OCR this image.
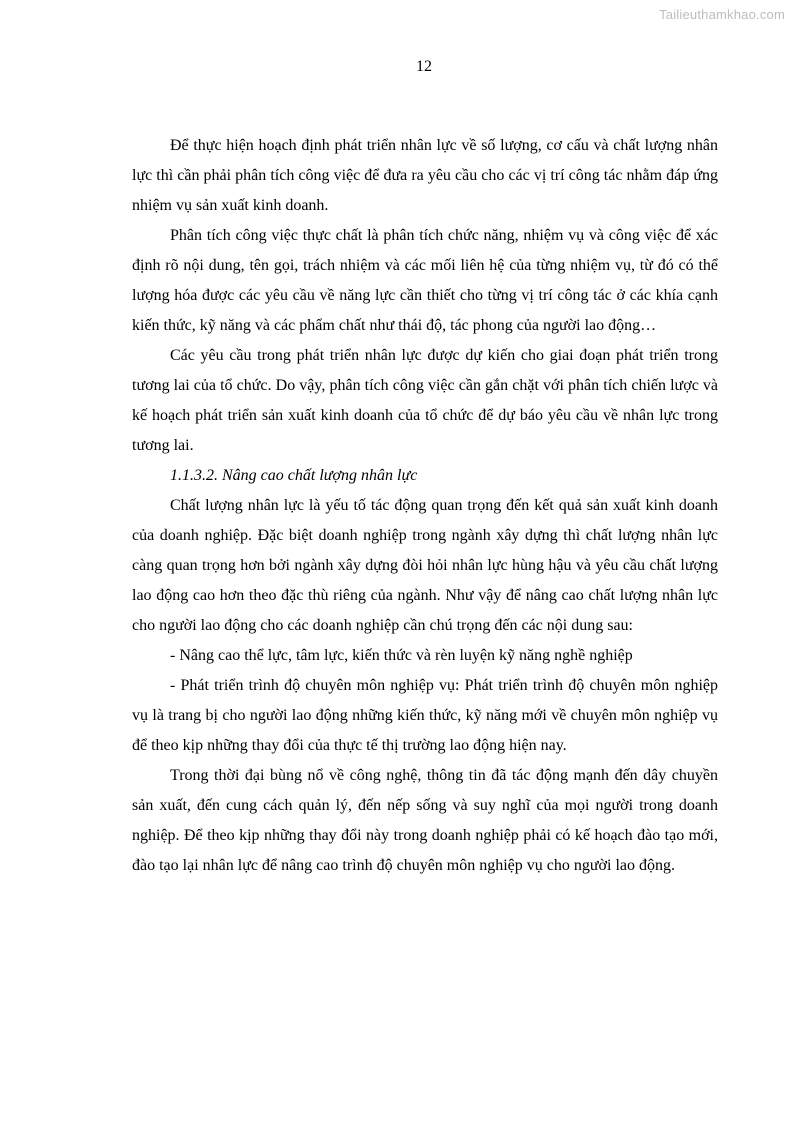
Tailieuthamkhao.com
12

Để thực hiện hoạch định phát triển nhân lực về số lượng, cơ cấu và chất lượng nhân lực thì cần phải phân tích công việc để đưa ra yêu cầu cho các vị trí công tác nhằm đáp ứng nhiệm vụ sản xuất kinh doanh.

Phân tích công việc thực chất là phân tích chức năng, nhiệm vụ và công việc để xác định rõ nội dung, tên gọi, trách nhiệm và các mối liên hệ của từng nhiệm vụ, từ đó có thể lượng hóa được các yêu cầu về năng lực cần thiết cho từng vị trí công tác ở các khía cạnh kiến thức, kỹ năng và các phẩm chất như thái độ, tác phong của người lao động…

Các yêu cầu trong phát triển nhân lực được dự kiến cho giai đoạn phát triển trong tương lai của tổ chức. Do vậy, phân tích công việc cần gắn chặt với phân tích chiến lược và kế hoạch phát triển sản xuất kinh doanh của tổ chức để dự báo yêu cầu về nhân lực trong tương lai.

1.1.3.2. Nâng cao chất lượng nhân lực

Chất lượng nhân lực là yếu tố tác động quan trọng đến kết quả sản xuất kinh doanh của doanh nghiệp. Đặc biệt doanh nghiệp trong ngành xây dựng thì chất lượng nhân lực càng quan trọng hơn bởi ngành xây dựng đòi hỏi nhân lực hùng hậu và yêu cầu chất lượng lao động cao hơn theo đặc thù riêng của ngành. Như vậy để nâng cao chất lượng nhân lực cho người lao động cho các doanh nghiệp cần chú trọng đến các nội dung sau:

- Nâng cao thể lực, tâm lực, kiến thức và rèn luyện kỹ năng nghề nghiệp

- Phát triển trình độ chuyên môn nghiệp vụ: Phát triển trình độ chuyên môn nghiệp vụ là trang bị cho người lao động những kiến thức, kỹ năng mới về chuyên môn nghiệp vụ để theo kịp những thay đổi của thực tế thị trường lao động hiện nay.

Trong thời đại bùng nổ về công nghệ, thông tin đã tác động mạnh đến dây chuyền sản xuất, đến cung cách quản lý, đến nếp sống và suy nghĩ của mọi người trong doanh nghiệp. Để theo kịp những thay đổi này trong doanh nghiệp phải có kế hoạch đào tạo mới, đào tạo lại nhân lực để nâng cao trình độ chuyên môn nghiệp vụ cho người lao động.
